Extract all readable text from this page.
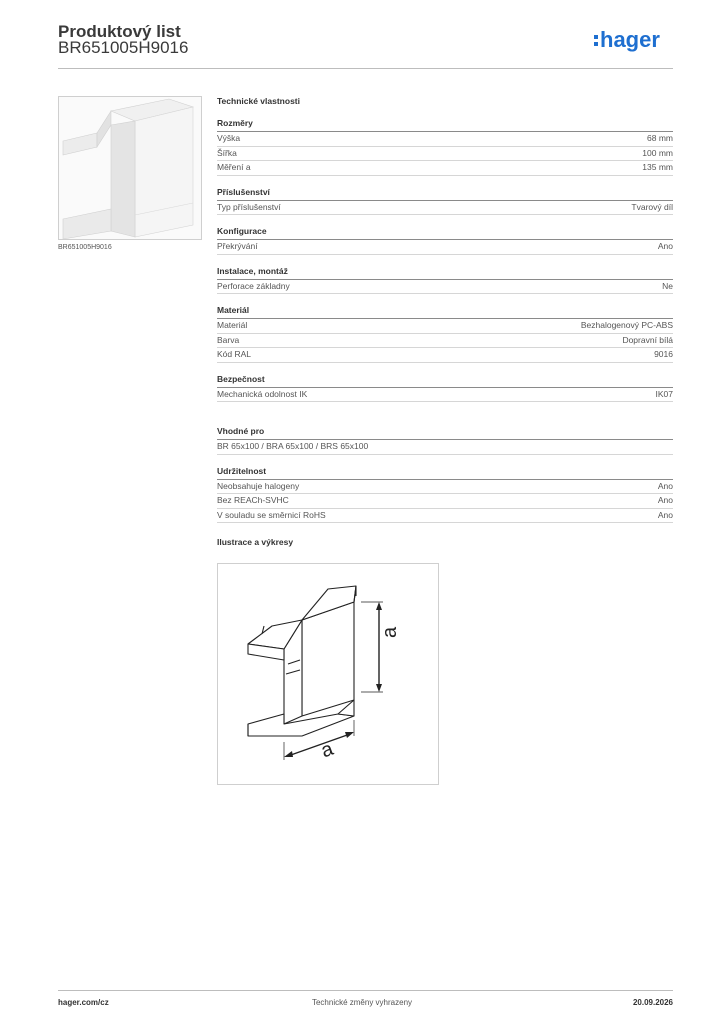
Produktový list
BR651005H9016	hager
BR651005H9016
Technické vlastnosti
Rozměry
Výška	68 mm
Šířka	100 mm
Měření a	135 mm
Příslušenství
Typ příslušenství	Tvarový díl
Konfigurace
Překrývání	Ano
Instalace, montáž
Perforace základny	Ne
Materiál
Materiál	Bezhalogenový PC-ABS
Barva	Dopravní bílá
Kód RAL	9016
Bezpečnost
Mechanická odolnost IK	IK07
Vhodné pro
BR 65x100 / BRA 65x100 / BRS 65x100
Udržitelnost
Neobsahuje halogeny	Ano
Bez REACh-SVHC	Ano
V souladu se směrnicí RoHS	Ano
Ilustrace a výkresy
a
a
hager.com/cz	Technické změny vyhrazeny	20.09.2026
